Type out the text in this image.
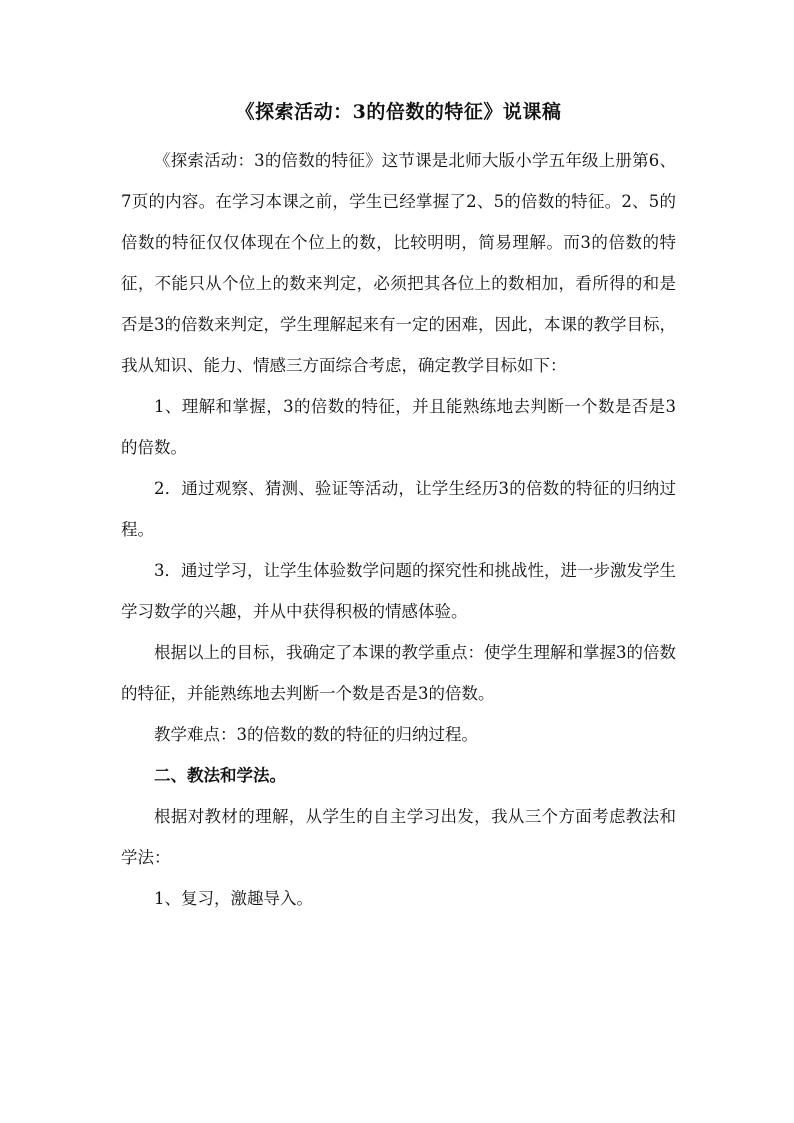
《探索活动：3的倍数的特征》说课稿

《探索活动：3的倍数的特征》这节课是北师大版小学五年级上册第6、7页的内容。在学习本课之前，学生已经掌握了2、5的倍数的特征。2、5的倍数的特征仅仅体现在个位上的数，比较明明，简易理解。而3的倍数的特征，不能只从个位上的数来判定，必须把其各位上的数相加，看所得的和是否是3的倍数来判定，学生理解起来有一定的困难，因此，本课的教学目标，我从知识、能力、情感三方面综合考虑，确定教学目标如下：

1、理解和掌握，3的倍数的特征，并且能熟练地去判断一个数是否是3的倍数。

2．通过观察、猜测、验证等活动，让学生经历3的倍数的特征的归纳过程。

3．通过学习，让学生体验数学问题的探究性和挑战性，进一步激发学生学习数学的兴趣，并从中获得积极的情感体验。

根据以上的目标，我确定了本课的教学重点：使学生理解和掌握3的倍数的特征，并能熟练地去判断一个数是否是3的倍数。

教学难点：3的倍数的数的特征的归纳过程。

二、教法和学法。

根据对教材的理解，从学生的自主学习出发，我从三个方面考虑教法和学法：

1、复习，激趣导入。
